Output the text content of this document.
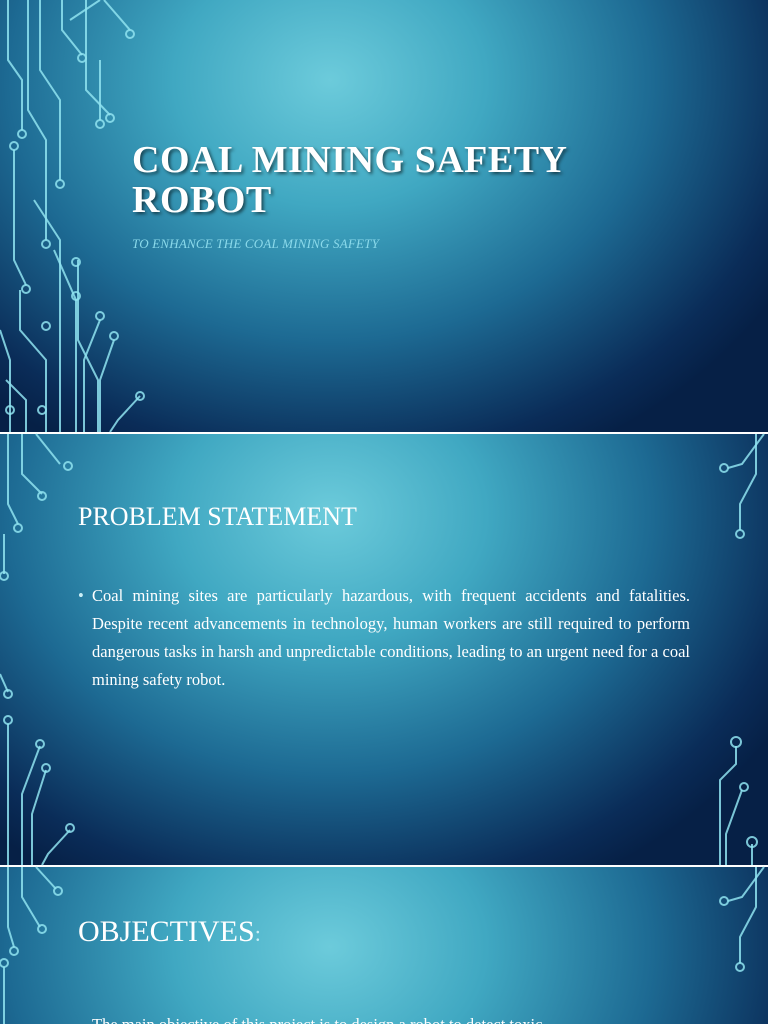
COAL MINING SAFETY ROBOT
TO ENHANCE THE COAL MINING SAFETY
PROBLEM STATEMENT
• Coal mining sites are particularly hazardous, with frequent accidents and fatalities. Despite recent advancements in technology, human workers are still required to perform dangerous tasks in harsh and unpredictable conditions, leading to an urgent need for a coal mining safety robot.
OBJECTIVES:
The main objective of this project is to design a robot to detect toxic
